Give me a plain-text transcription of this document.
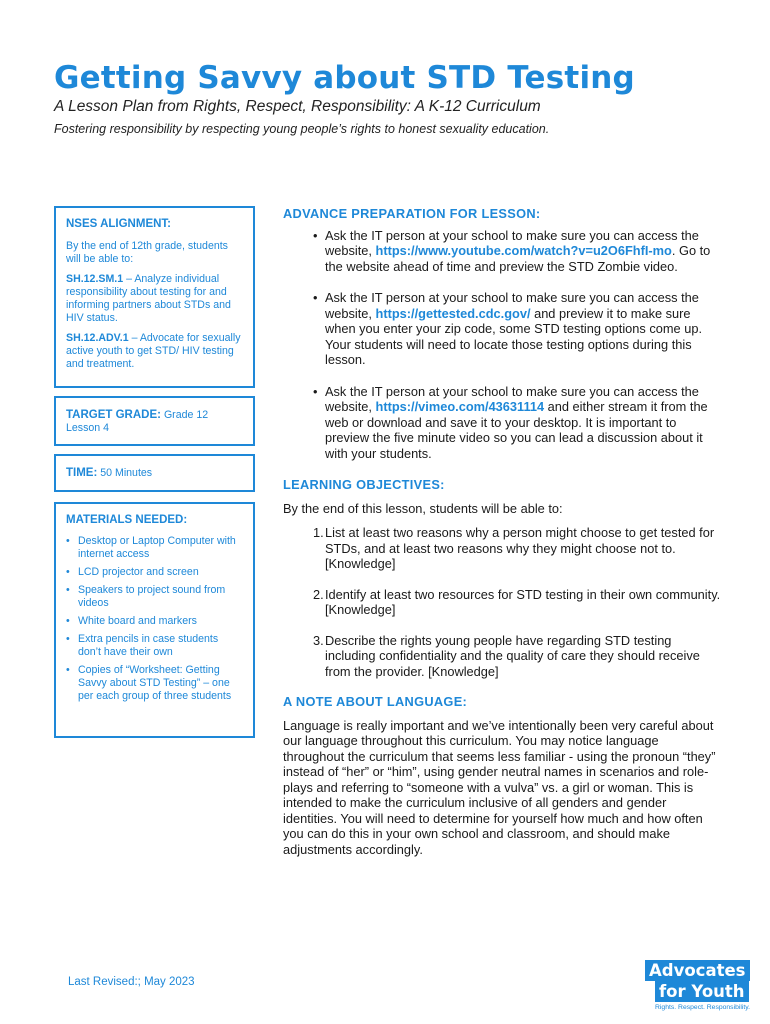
Getting Savvy about STD Testing

A Lesson Plan from Rights, Respect, Responsibility: A K-12 Curriculum

Fostering responsibility by respecting young people’s rights to honest sexuality education.

NSES ALIGNMENT:

By the end of 12th grade, students will be able to:

SH.12.SM.1 – Analyze individual responsibility about testing for and informing partners about STDs and HIV status.

SH.12.ADV.1 – Advocate for sexually active youth to get STD/ HIV testing and treatment.

TARGET GRADE: Grade 12
Lesson 4
TIME: 50 Minutes

MATERIALS NEEDED:

• Desktop or Laptop Computer with internet access
• LCD projector and screen
• Speakers to project sound from videos
• White board and markers
• Extra pencils in case students don’t have their own
• Copies of “Worksheet: Getting Savvy about STD Testing” – one per each group of three students
ADVANCE PREPARATION FOR LESSON:
• Ask the IT person at your school to make sure you can access the website, https://www.youtube.com/watch?v=u2O6FhfI-mo. Go to the website ahead of time and preview the STD Zombie video.
• Ask the IT person at your school to make sure you can access the website, https://gettested.cdc.gov/ and preview it to make sure when you enter your zip code, some STD testing options come up. Your students will need to locate those testing options during this lesson.
• Ask the IT person at your school to make sure you can access the website, https://vimeo.com/43631114 and either stream it from the web or download and save it to your desktop. It is important to preview the five minute video so you can lead a discussion about it with your students.
LEARNING OBJECTIVES:

By the end of this lesson, students will be able to:

1. List at least two reasons why a person might choose to get tested for STDs, and at least two reasons why they might choose not to. [Knowledge]
2. Identify at least two resources for STD testing in their own community. [Knowledge]
3. Describe the rights young people have regarding STD testing including confidentiality and the quality of care they should receive from the provider. [Knowledge]
A NOTE ABOUT LANGUAGE:

Language is really important and we’ve intentionally been very careful about our language throughout this curriculum. You may notice language throughout the curriculum that seems less familiar - using the pronoun “they” instead of “her” or “him”, using gender neutral names in scenarios and role-plays and referring to “someone with a vulva” vs. a girl or woman. This is intended to make the curriculum inclusive of all genders and gender identities. You will need to determine for yourself how much and how often you can do this in your own school and classroom, and should make adjustments accordingly.

Last Revised:; May 2023
Advocates
for Youth
Rights. Respect. Responsibility.
